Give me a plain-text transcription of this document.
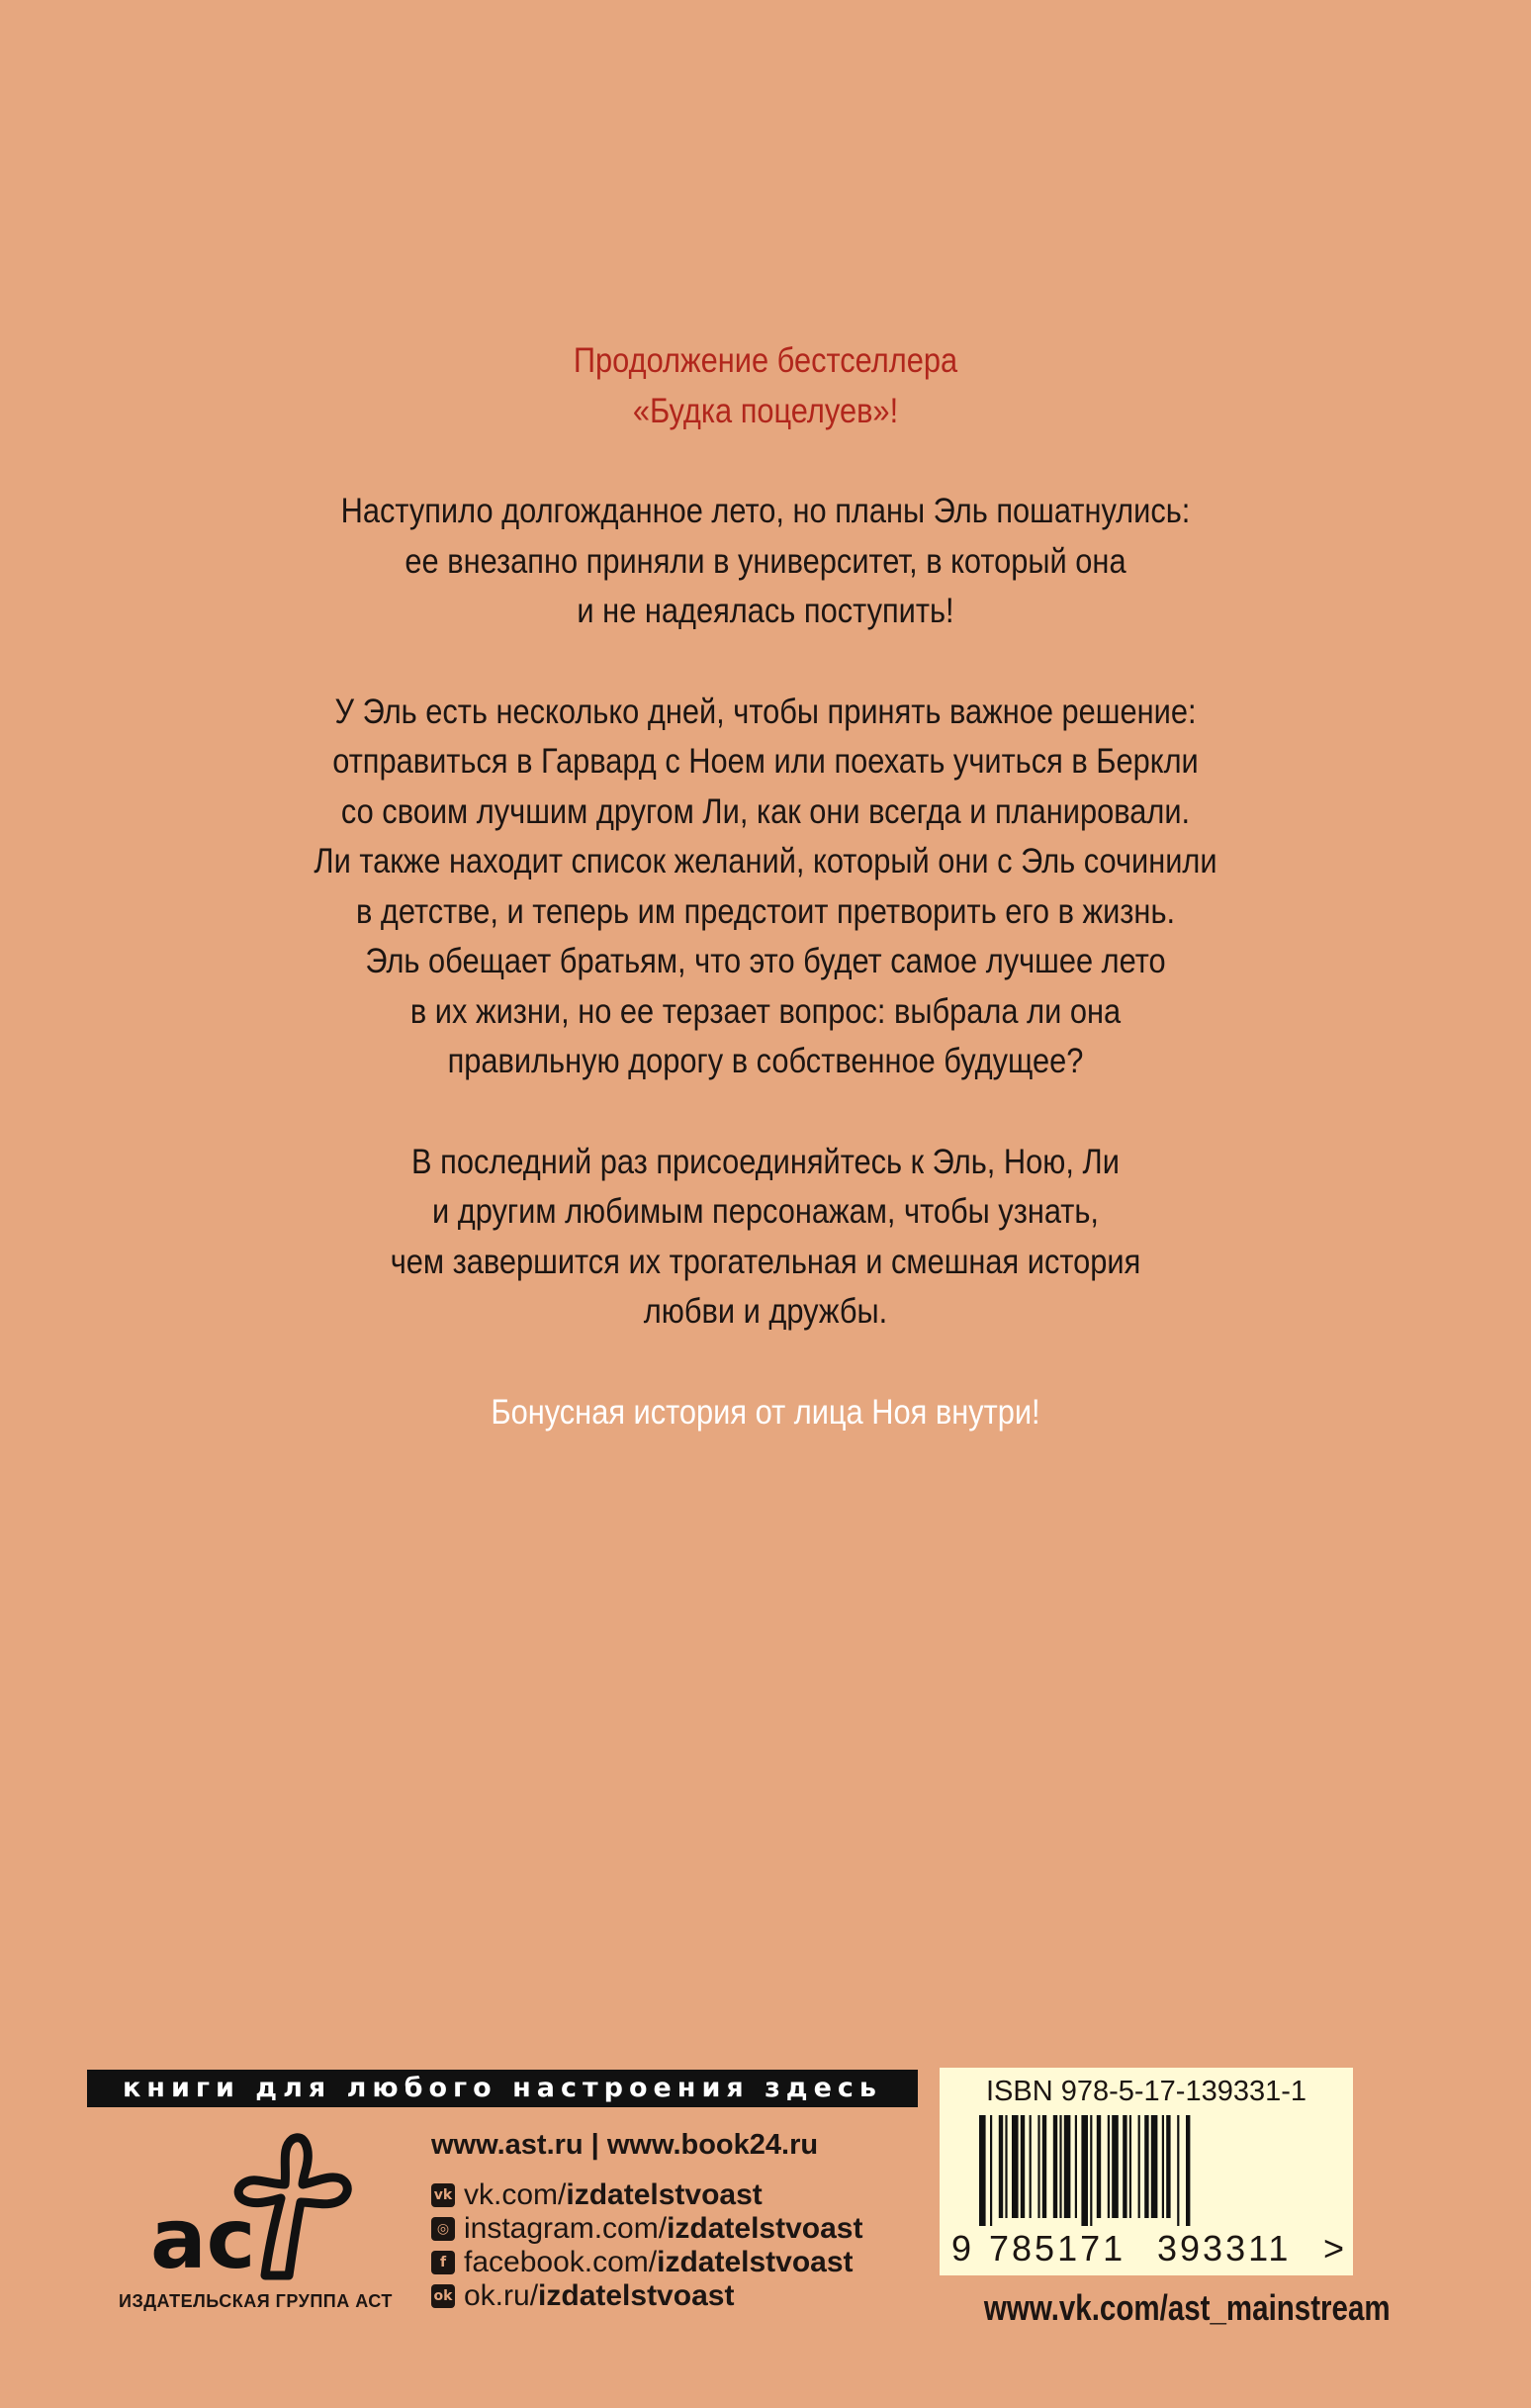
Продолжение бестселлера
«Будка поцелуев»!

Наступило долгожданное лето, но планы Эль пошатнулись:
ее внезапно приняли в университет, в который она
и не надеялась поступить!

У Эль есть несколько дней, чтобы принять важное решение:
отправиться в Гарвард с Ноем или поехать учиться в Беркли
со своим лучшим другом Ли, как они всегда и планировали.
Ли также находит список желаний, который они с Эль сочинили
в детстве, и теперь им предстоит претворить его в жизнь.
Эль обещает братьям, что это будет самое лучшее лето
в их жизни, но ее терзает вопрос: выбрала ли она
правильную дорогу в собственное будущее?

В последний раз присоединяйтесь к Эль, Ною, Ли
и другим любимым персонажам, чтобы узнать,
чем завершится их трогательная и смешная история
любви и дружбы.

Бонусная история от лица Ноя внутри!

книги для любого настроения здесь
ac
ИЗДАТЕЛЬСКАЯ ГРУППА АСТ
www.ast.ru | www.book24.ru
vk vk.com/ izdatelstvoast
◎ instagram.com/ izdatelstvoast
f facebook.com/ izdatelstvoast
ok ok.ru/ izdatelstvoast
ISBN 978-5-17-139331-1
9 785171 393311 >
www.vk.com/ast_mainstream
